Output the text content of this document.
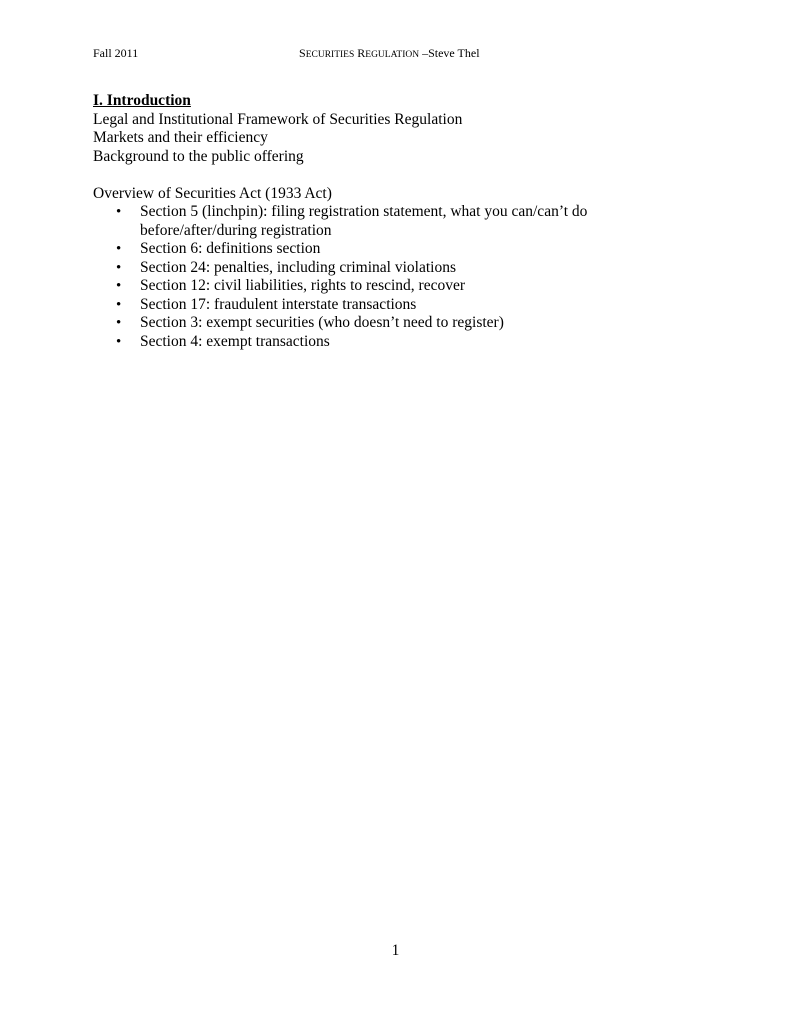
Fall 2011	SECURITIES REGULATION –Steve Thel

I. Introduction

Legal and Institutional Framework of Securities Regulation

Markets and their efficiency

Background to the public offering

Overview of Securities Act (1933 Act)

• Section 5 (linchpin): filing registration statement, what you can/can’t do before/after/during registration
• Section 6: definitions section
• Section 24: penalties, including criminal violations
• Section 12: civil liabilities, rights to rescind, recover
• Section 17: fraudulent interstate transactions
• Section 3: exempt securities (who doesn’t need to register)
• Section 4: exempt transactions
1
